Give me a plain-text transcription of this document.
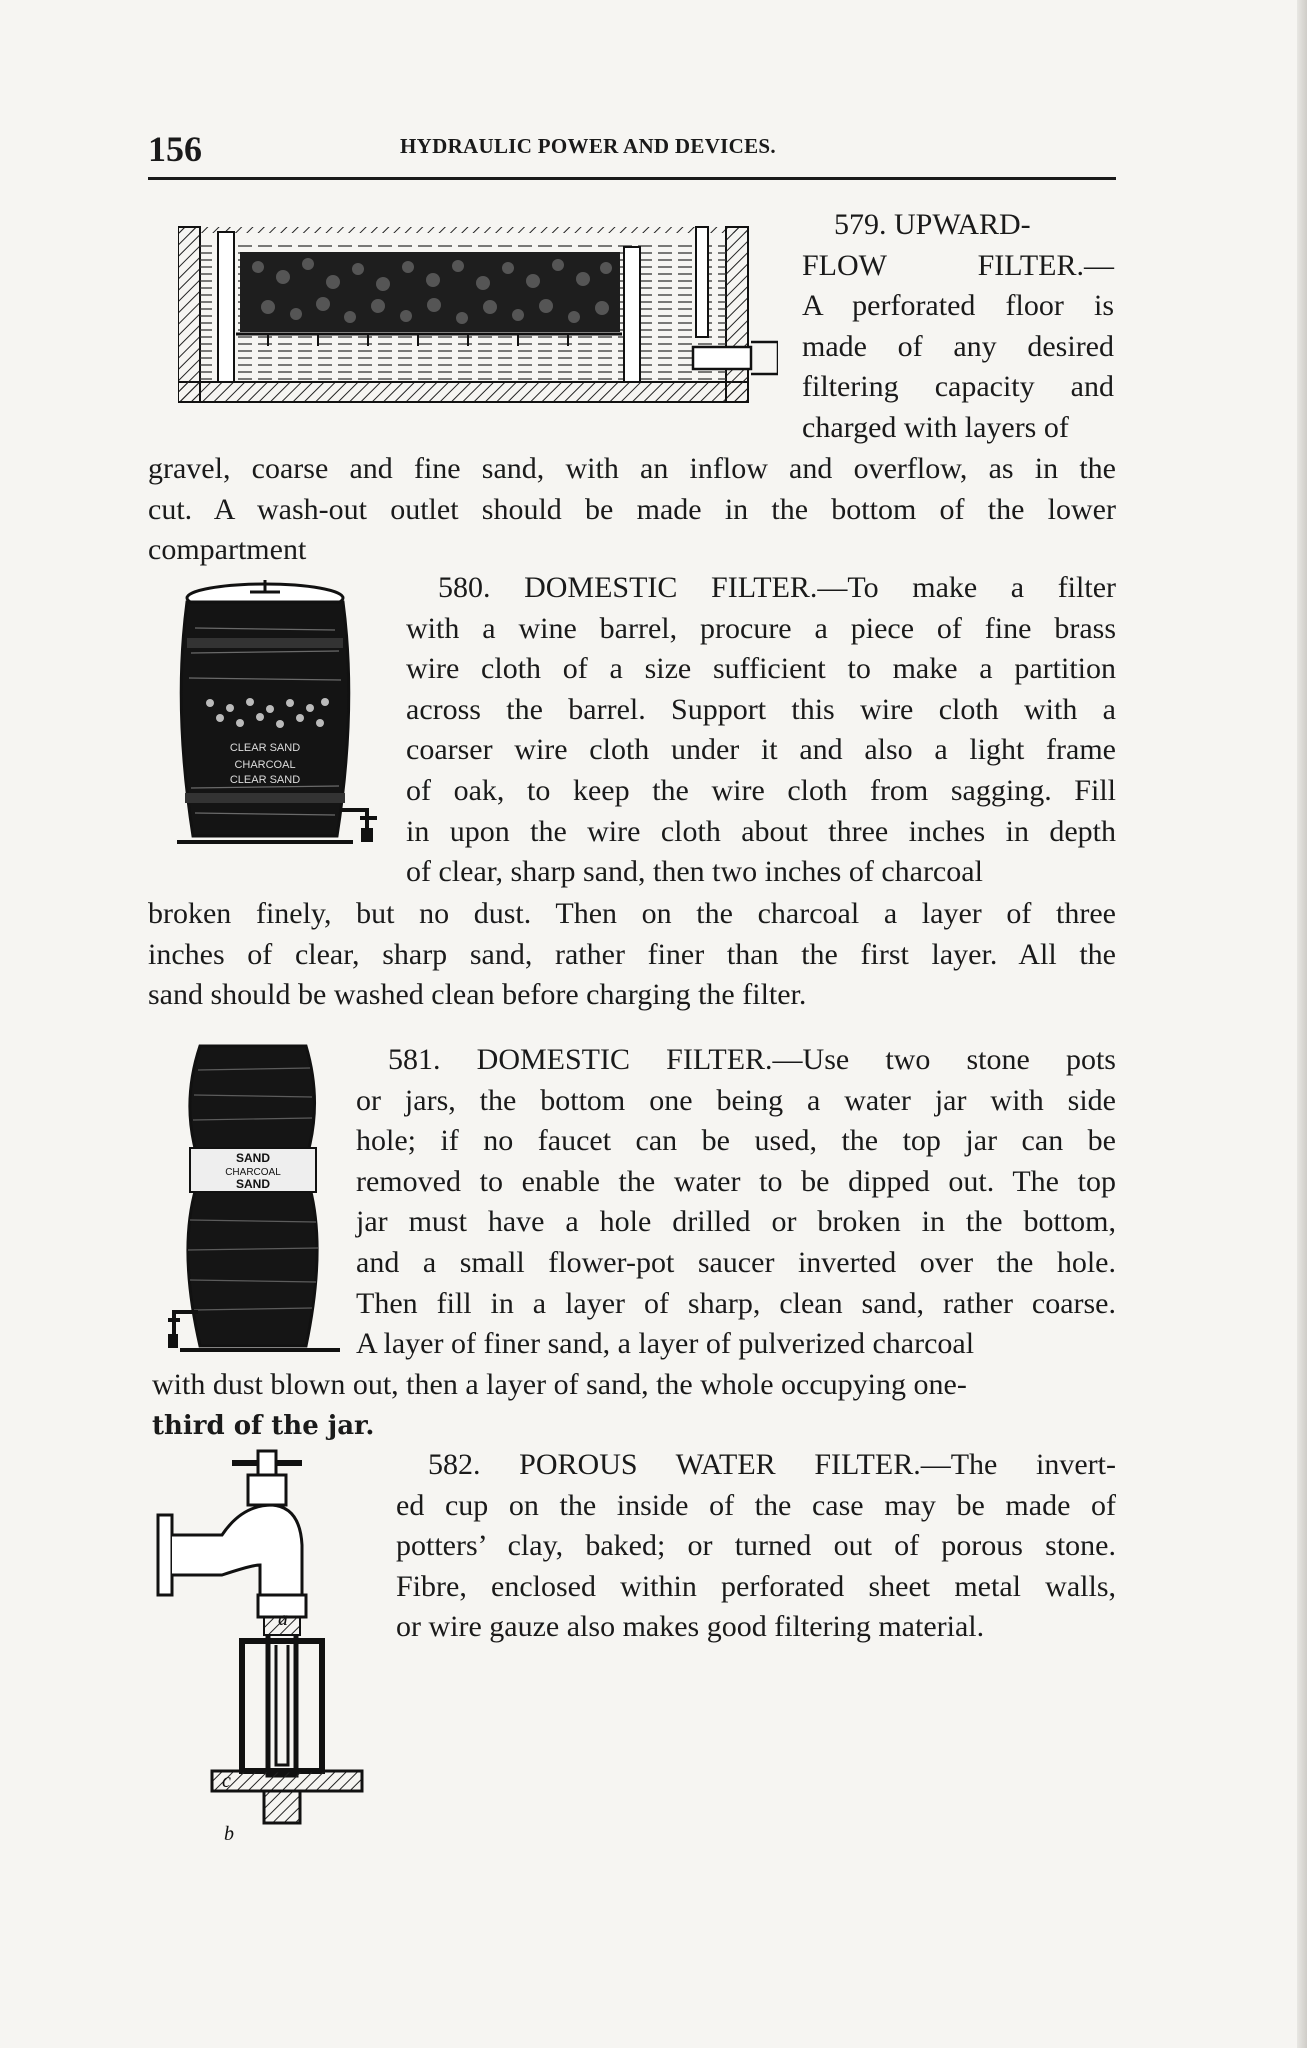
156	HYDRAULIC POWER AND DEVICES.
579. UPWARD-
FLOW FILTER.—
A perforated floor is
made of any desired
filtering capacity and
charged with layers of
gravel, coarse and fine sand, with an inflow and overflow, as in the
cut. A wash-out outlet should be made in the bottom of the lower
compartment
CLEAR SAND
CHARCOAL
CLEAR SAND
580. DOMESTIC FILTER.—To make a filter
with a wine barrel, procure a piece of fine brass
wire cloth of a size sufficient to make a partition
across the barrel. Support this wire cloth with a
coarser wire cloth under it and also a light frame
of oak, to keep the wire cloth from sagging. Fill
in upon the wire cloth about three inches in depth
of clear, sharp sand, then two inches of charcoal
broken finely, but no dust. Then on the charcoal a layer of three
inches of clear, sharp sand, rather finer than the first layer. All the
sand should be washed clean before charging the filter.
SAND
CHARCOAL
SAND
581. DOMESTIC FILTER.—Use two stone pots
or jars, the bottom one being a water jar with side
hole; if no faucet can be used, the top jar can be
removed to enable the water to be dipped out. The top
jar must have a hole drilled or broken in the bottom,
and a small flower-pot saucer inverted over the hole.
Then fill in a layer of sharp, clean sand, rather coarse.
A layer of finer sand, a layer of pulverized charcoal
with dust blown out, then a layer of sand, the whole occupying one-
third of the jar.
b
c
582. POROUS WATER FILTER.—The invert-
ed cup on the inside of the case may be made of
potters’ clay, baked; or turned out of porous stone.
Fibre, enclosed within perforated sheet metal walls,
or wire gauze also makes good filtering material.
